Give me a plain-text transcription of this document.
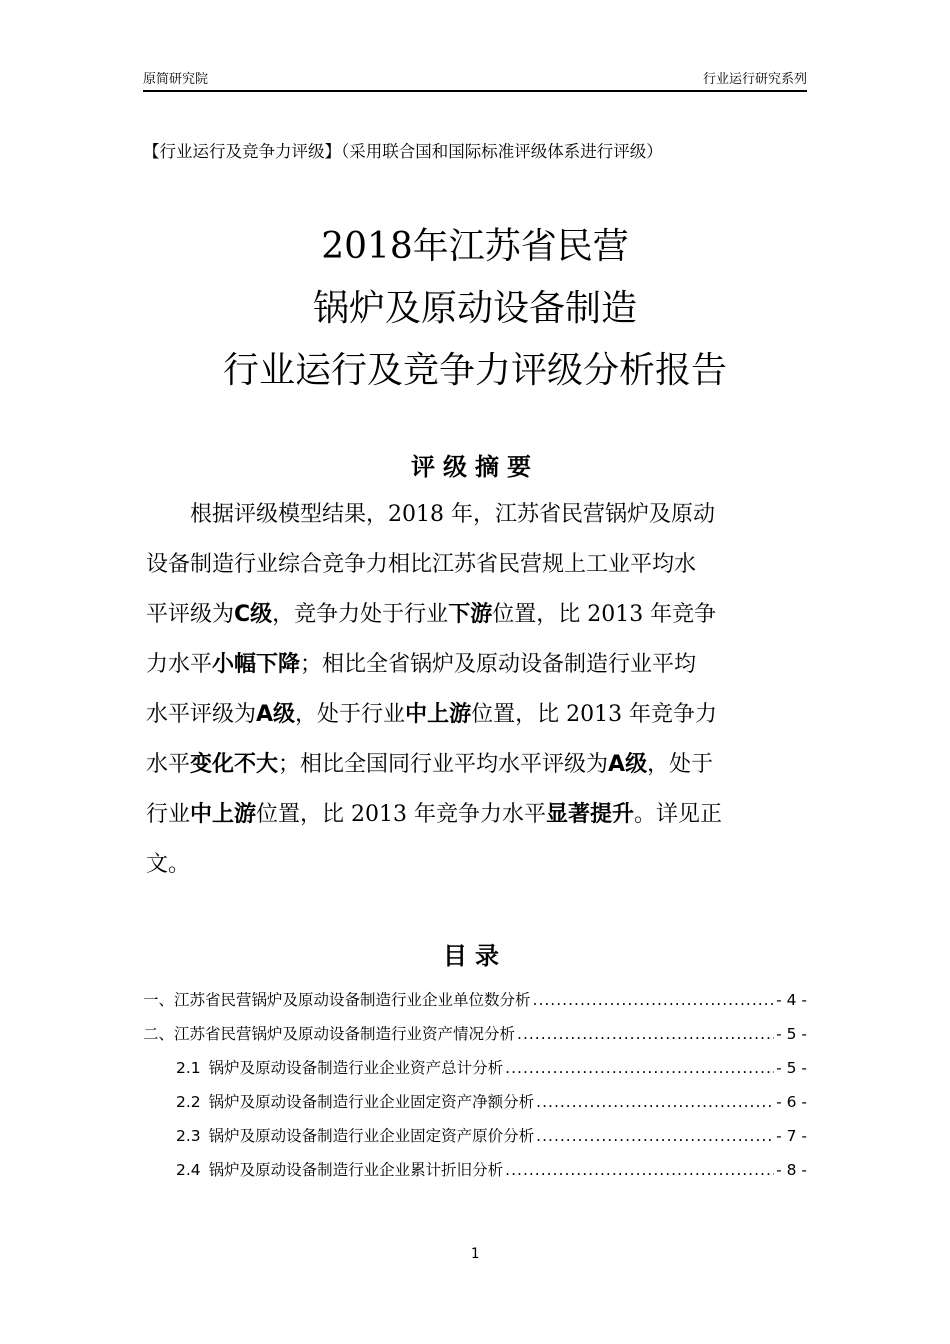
原简研究院	行业运行研究系列
【行业运行及竞争力评级】（采用联合国和国际标准评级体系进行评级）
2018年江苏省民营
锅炉及原动设备制造
行业运行及竞争力评级分析报告
评级摘要
根据评级模型结果，2018 年，江苏省民营锅炉及原动
设备制造行业综合竞争力相比江苏省民营规上工业平均水
平评级为C级，竞争力处于行业下游位置，比 2013 年竞争
力水平小幅下降；相比全省锅炉及原动设备制造行业平均
水平评级为A级，处于行业中上游位置，比 2013 年竞争力
水平变化不大；相比全国同行业平均水平评级为A级，处于
行业中上游位置，比 2013 年竞争力水平显著提升。详见正
文。
目录
一、 江苏省民营锅炉及原动设备制造行业企业单位数分析 .....	- 4 -
二、 江苏省民营锅炉及原动设备制造行业资产情况分析 .....	- 5 -
2.1 锅炉及原动设备制造行业企业资产总计分析 .....	- 5 -
2.2 锅炉及原动设备制造行业企业固定资产净额分析 .....	- 6 -
2.3 锅炉及原动设备制造行业企业固定资产原价分析 .....	- 7 -
2.4 锅炉及原动设备制造行业企业累计折旧分析 .....	- 8 -
1
